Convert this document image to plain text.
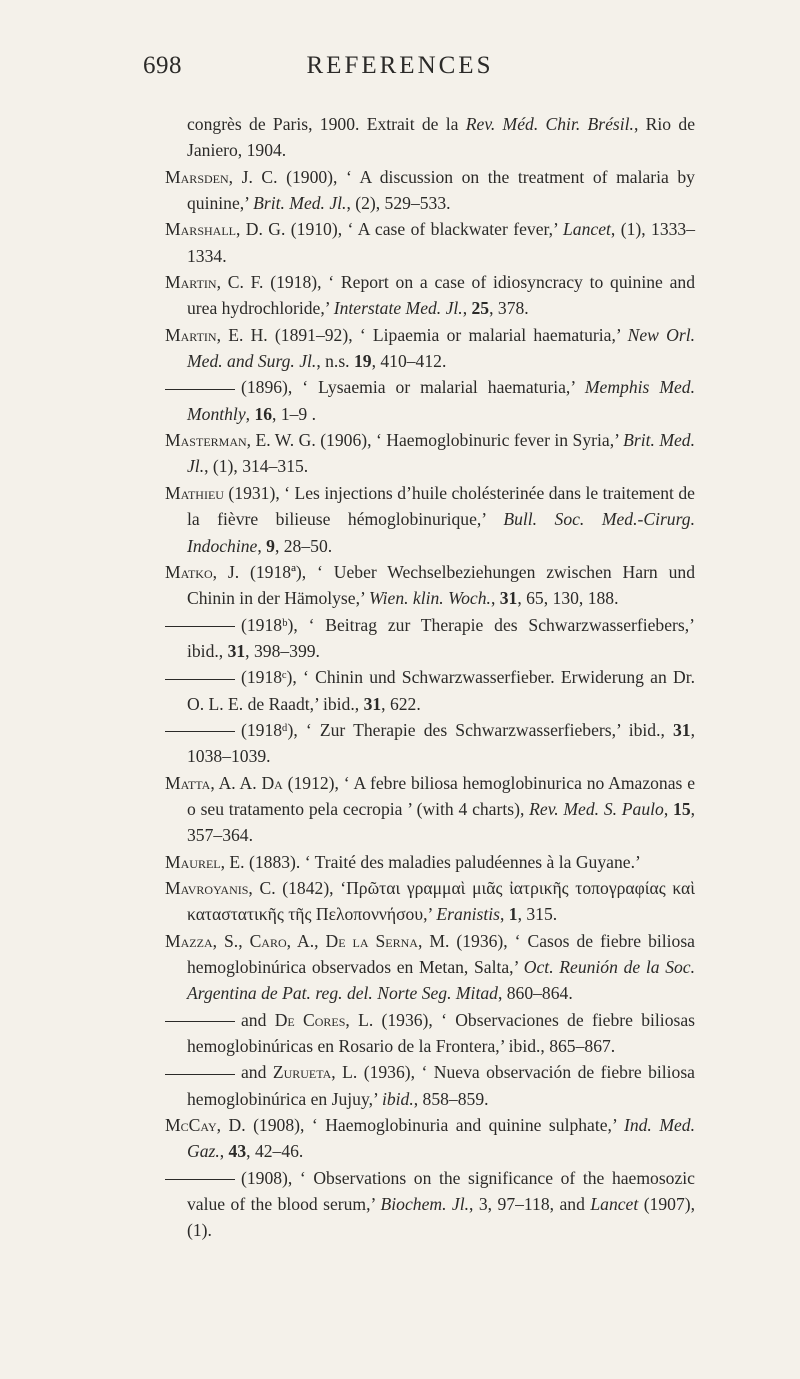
698	REFERENCES
congrès de Paris, 1900. Extrait de la Rev. Méd. Chir. Brésil., Rio de Janiero, 1904.
Marsden, J. C. (1900), ‘ A discussion on the treatment of malaria by quinine,’ Brit. Med. Jl., (2), 529–533.
Marshall, D. G. (1910), ‘ A case of blackwater fever,’ Lancet, (1), 1333–1334.
Martin, C. F. (1918), ‘ Report on a case of idiosyncracy to quinine and urea hydrochloride,’ Interstate Med. Jl., 25, 378.
Martin, E. H. (1891–92), ‘ Lipaemia or malarial haematuria,’ New Orl. Med. and Surg. Jl., n.s. 19, 410–412.
(1896), ‘ Lysaemia or malarial haematuria,’ Memphis Med. Monthly, 16, 1–9 .
Masterman, E. W. G. (1906), ‘ Haemoglobinuric fever in Syria,’ Brit. Med. Jl., (1), 314–315.
Mathieu (1931), ‘ Les injections d’huile cholésterinée dans le traitement de la fièvre bilieuse hémoglobinurique,’ Bull. Soc. Med.-Cirurg. Indochine, 9, 28–50.
Matko, J. (1918ª), ‘ Ueber Wechselbeziehungen zwischen Harn und Chinin in der Hämolyse,’ Wien. klin. Woch., 31, 65, 130, 188.
(1918ᵇ), ‘ Beitrag zur Therapie des Schwarzwasserfiebers,’ ibid., 31, 398–399.
(1918ᶜ), ‘ Chinin und Schwarzwasserfieber. Erwiderung an Dr. O. L. E. de Raadt,’ ibid., 31, 622.
(1918ᵈ), ‘ Zur Therapie des Schwarzwasserfiebers,’ ibid., 31, 1038–1039.
Matta, A. A. Da (1912), ‘ A febre biliosa hemoglobinurica no Amazonas e o seu tratamento pela cecropia ’ (with 4 charts), Rev. Med. S. Paulo, 15, 357–364.
Maurel, E. (1883). ‘ Traité des maladies paludéennes à la Guyane.’
Mavroyanis, C. (1842), ‘Πρῶται γραμμαὶ μιᾶς ἰατρικῆς τοπογραφίας καὶ καταστατικῆς τῆς Πελοποννήσου,’ Eranistis, 1, 315.
Mazza, S., Caro, A., De la Serna, M. (1936), ‘ Casos de fiebre biliosa hemoglobinúrica observados en Metan, Salta,’ Oct. Reunión de la Soc. Argentina de Pat. reg. del. Norte Seg. Mitad, 860–864.
and De Cores, L. (1936), ‘ Observaciones de fiebre biliosas hemoglobinúricas en Rosario de la Frontera,’ ibid., 865–867.
and Zurueta, L. (1936), ‘ Nueva observación de fiebre biliosa hemoglobinúrica en Jujuy,’ ibid., 858–859.
McCay, D. (1908), ‘ Haemoglobinuria and quinine sulphate,’ Ind. Med. Gaz., 43, 42–46.
(1908), ‘ Observations on the significance of the haemosozic value of the blood serum,’ Biochem. Jl., 3, 97–118, and Lancet (1907), (1).
